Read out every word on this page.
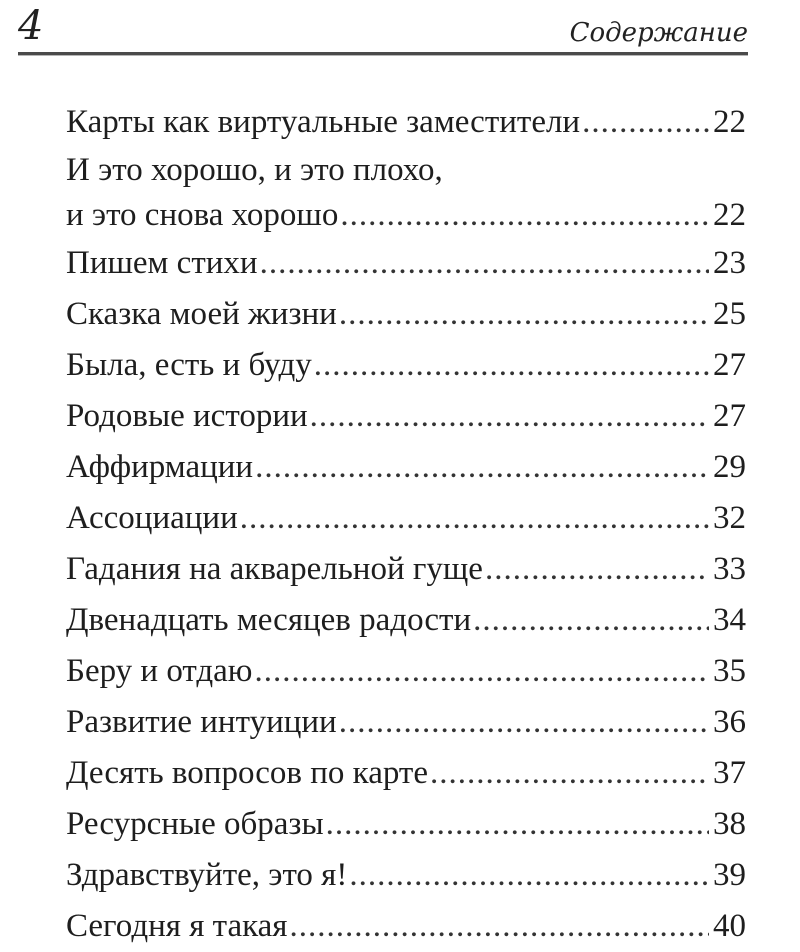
4	Содержание
Карты как виртуальные заместители .....	22
И это хорошо, и это плохо,
и это снова хорошо .....	22
Пишем стихи .....	23
Сказка моей жизни .....	25
Была, есть и буду .....	27
Родовые истории .....	27
Аффирмации .....	29
Ассоциации .....	32
Гадания на акварельной гуще .....	33
Двенадцать месяцев радости .....	34
Беру и отдаю .....	35
Развитие интуиции .....	36
Десять вопросов по карте .....	37
Ресурсные образы .....	38
Здравствуйте, это я! .....	39
Сегодня я такая .....	40
